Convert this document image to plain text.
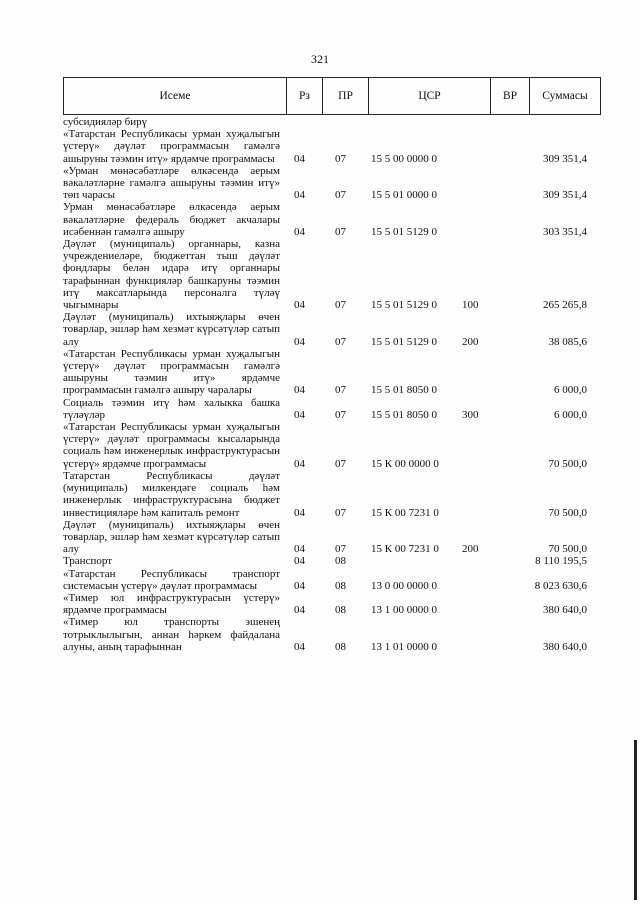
321
Исеме	Рз	ПР	ЦСР	ВР	Суммасы
субсидияләр бирү
«Татарстан Республикасы урман хуҗалыгын үстерү» дәүләт программасын гамәлгә ашыруны тәэмин итү» ярдәмче программасы	04	07 15 5 00 0000 0	309 351,4
«Урман мөнәсәбәтләре өлкәсендә аерым вәкаләтләрне гамәлгә ашыруны тәэмин итү» төп чарасы	04	07 15 5 01 0000 0	309 351,4
Урман мөнәсәбәтләре өлкәсендә аерым вәкаләтләрне федераль бюджет акчалары исәбеннән гамәлгә ашыру	04	07 15 5 01 5129 0	303 351,4
Дәүләт (муниципаль) органнары, казна учреждениеләре, бюджеттан тыш дәүләт фондлары белән идарә итү органнары тарафыннан функцияләр башкаруны тәэмин итү максатларында персоналга түләү чыгымнары	04	07 15 5 01 5129 0 100	265 265,8
Дәүләт (муниципаль) ихтыяҗлары өчен товарлар, эшләр һәм хезмәт күрсәтүләр сатып алу	04	07 15 5 01 5129 0 200	38 085,6
«Татарстан Республикасы урман хуҗалыгын үстерү» дәүләт программасын гамәлгә ашыруны тәэмин итү» ярдәмче программасын гамәлгә ашыру чаралары	04	07 15 5 01 8050 0	6 000,0
Социаль тәэмин итү һәм халыкка башка түләүләр	04	07 15 5 01 8050 0 300	6 000,0
«Татарстан Республикасы урман хуҗалыгын үстерү» дәүләт программасы кысаларында социаль һәм инженерлык инфраструктурасын үстерү» ярдәмче программасы	04	07 15 К 00 0000 0	70 500,0
Татарстан Республикасы дәүләт (муниципаль) милкендәге социаль һәм инженерлык инфраструктурасына бюджет инвестицияләре һәм капиталь ремонт	04	07 15 К 00 7231 0	70 500,0
Дәүләт (муниципаль) ихтыяҗлары өчен товарлар, эшләр һәм хезмәт күрсәтүләр сатып алу	04	07 15 К 00 7231 0 200	70 500,0
Транспорт	04	08	8 110 195,5
«Татарстан Республикасы транспорт системасын үстерү» дәүләт программасы	04	08 13 0 00 0000 0	8 023 630,6
«Тимер юл инфраструктурасын үстерү» ярдәмче программасы	04	08 13 1 00 0000 0	380 640,0
«Тимер юл транспорты эшенең тотрыклылыгын, аннан һәркем файдалана алуны, аның тарафыннан	04	08 13 1 01 0000 0	380 640,0
